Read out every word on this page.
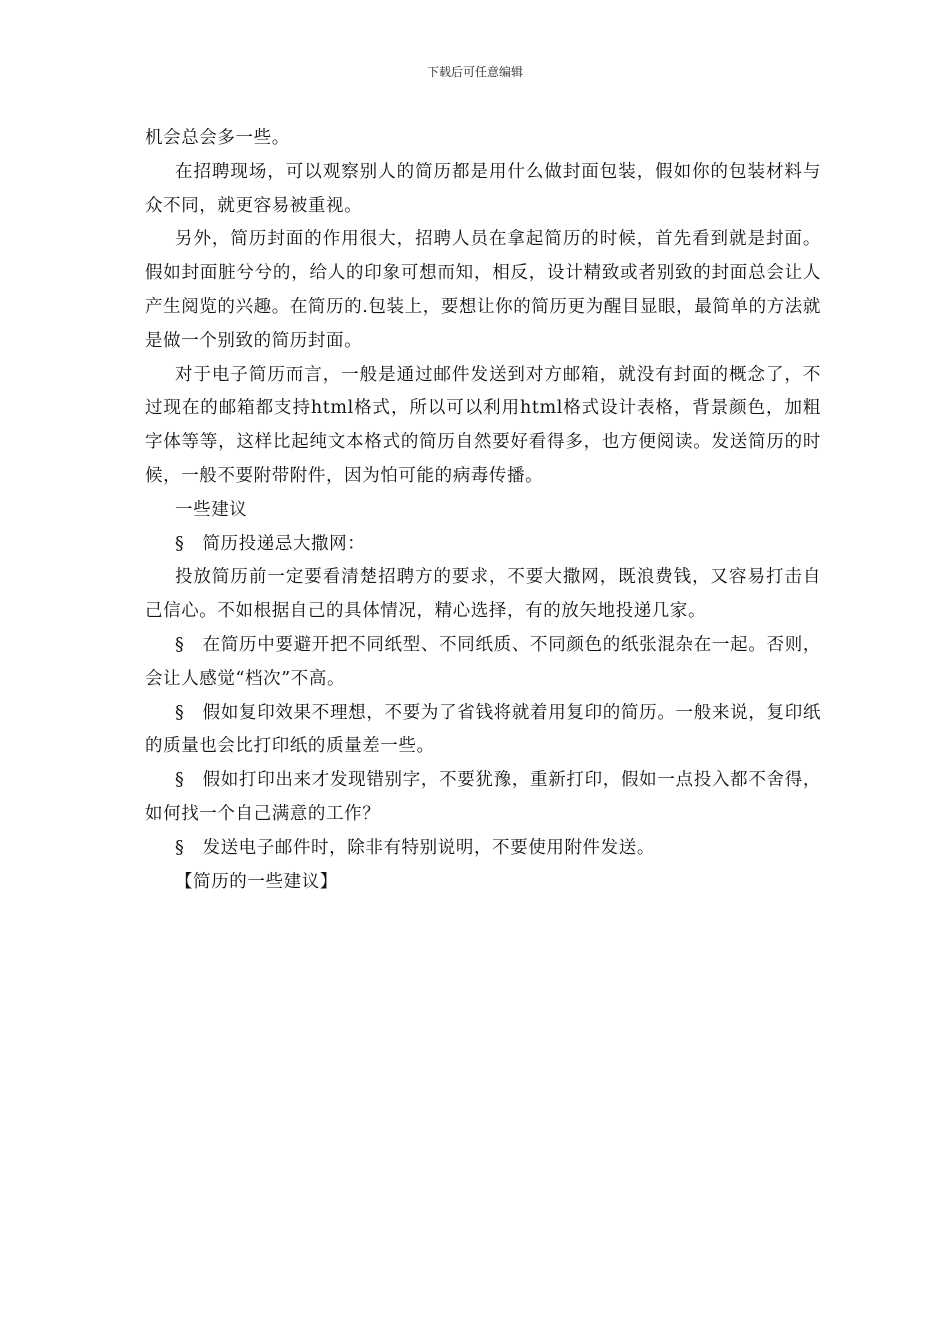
下载后可任意编辑

机会总会多一些。

在招聘现场，可以观察别人的简历都是用什么做封面包装，假如你的包装材料与众不同，就更容易被重视。

另外，简历封面的作用很大，招聘人员在拿起简历的时候，首先看到就是封面。假如封面脏兮兮的，给人的印象可想而知，相反，设计精致或者别致的封面总会让人产生阅览的兴趣。在简历的.包装上，要想让你的简历更为醒目显眼，最简单的方法就是做一个别致的简历封面。

对于电子简历而言，一般是通过邮件发送到对方邮箱，就没有封面的概念了，不过现在的邮箱都支持html格式，所以可以利用html格式设计表格，背景颜色，加粗字体等等，这样比起纯文本格式的简历自然要好看得多，也方便阅读。发送简历的时候，一般不要附带附件，因为怕可能的病毒传播。

一些建议

§　简历投递忌大撒网：

投放简历前一定要看清楚招聘方的要求，不要大撒网，既浪费钱，又容易打击自己信心。不如根据自己的具体情况，精心选择，有的放矢地投递几家。

§　在简历中要避开把不同纸型、不同纸质、不同颜色的纸张混杂在一起。否则，会让人感觉“档次”不高。

§　假如复印效果不理想，不要为了省钱将就着用复印的简历。一般来说，复印纸的质量也会比打印纸的质量差一些。

§　假如打印出来才发现错别字，不要犹豫，重新打印，假如一点投入都不舍得，如何找一个自己满意的工作？

§　发送电子邮件时，除非有特别说明，不要使用附件发送。

【简历的一些建议】
